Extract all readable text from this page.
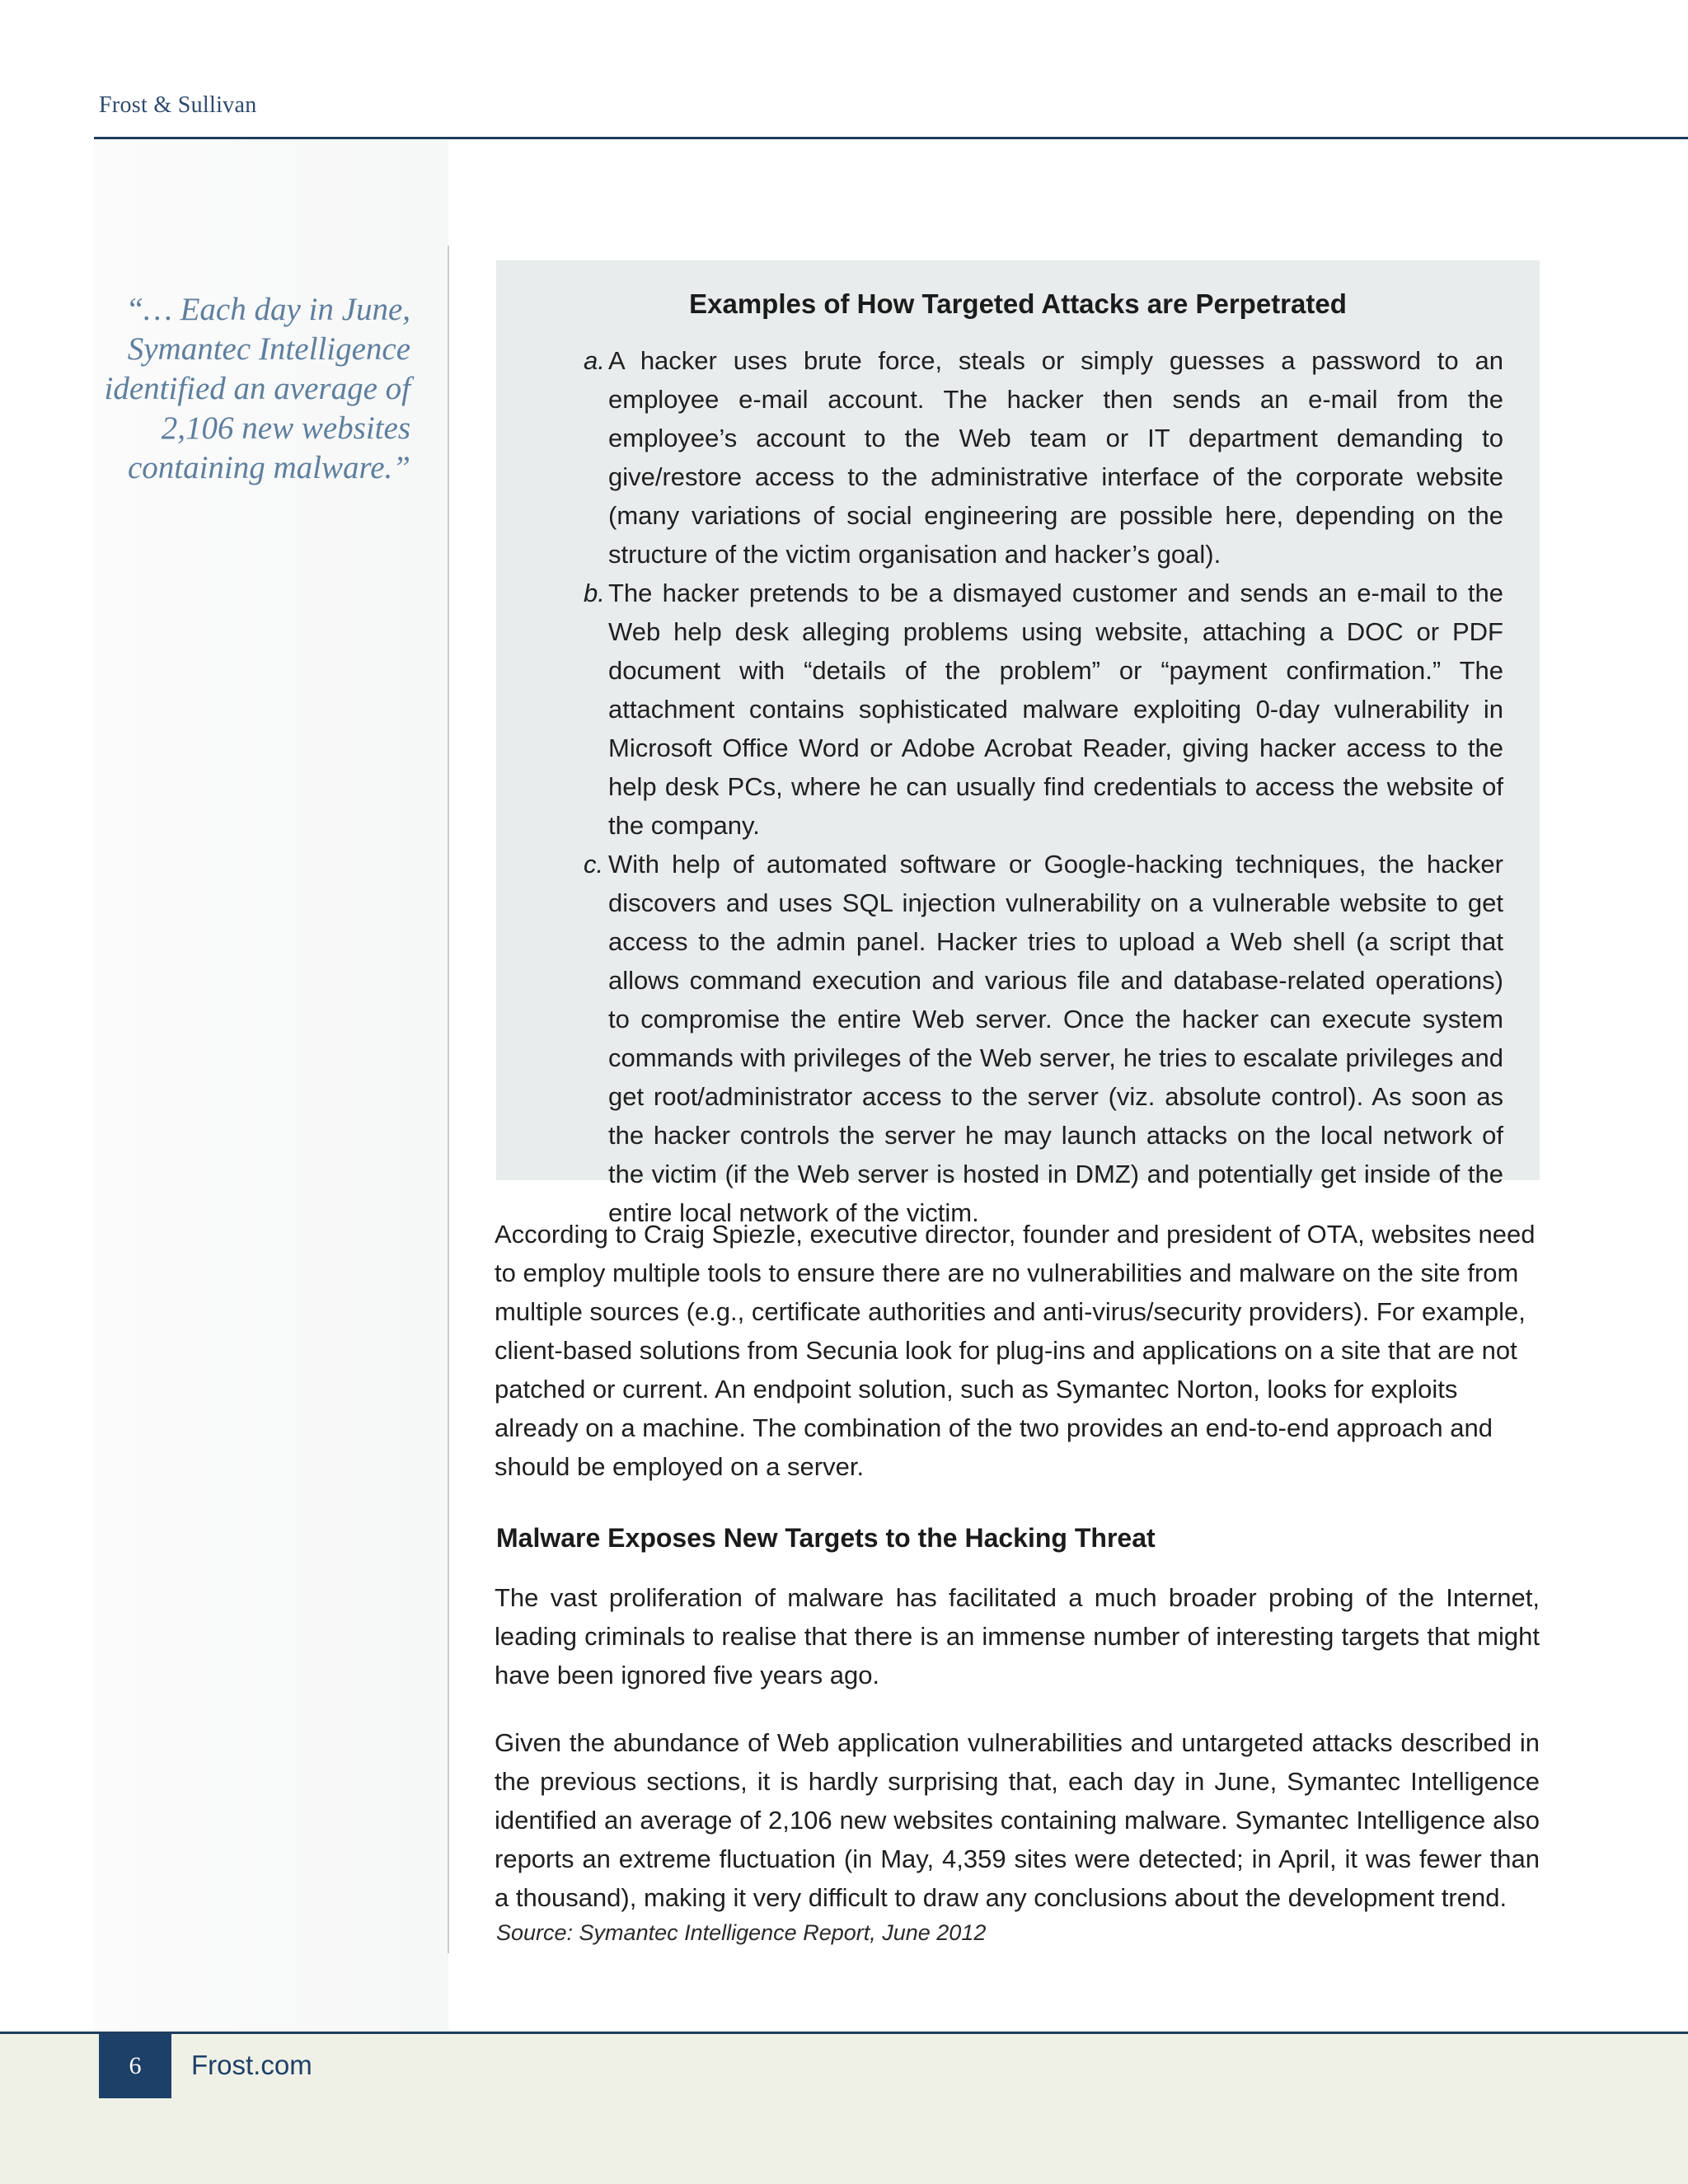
Frost & Sullivan
“… Each day in June, Symantec Intelligence identified an average of 2,106 new websites containing malware.”
Examples of How Targeted Attacks are Perpetrated
a. A hacker uses brute force, steals or simply guesses a password to an employee e-mail account. The hacker then sends an e-mail from the employee’s account to the Web team or IT department demanding to give/restore access to the administrative interface of the corporate website (many variations of social engineering are possible here, depending on the structure of the victim organisation and hacker’s goal).
b. The hacker pretends to be a dismayed customer and sends an e-mail to the Web help desk alleging problems using website, attaching a DOC or PDF document with “details of the problem” or “payment confirmation.” The attachment contains sophisticated malware exploiting 0-day vulnerability in Microsoft Office Word or Adobe Acrobat Reader, giving hacker access to the help desk PCs, where he can usually find credentials to access the website of the company.
c. With help of automated software or Google-hacking techniques, the hacker discovers and uses SQL injection vulnerability on a vulnerable website to get access to the admin panel. Hacker tries to upload a Web shell (a script that allows command execution and various file and database-related operations) to compromise the entire Web server. Once the hacker can execute system commands with privileges of the Web server, he tries to escalate privileges and get root/administrator access to the server (viz. absolute control). As soon as the hacker controls the server he may launch attacks on the local network of the victim (if the Web server is hosted in DMZ) and potentially get inside of the entire local network of the victim.

According to Craig Spiezle, executive director, founder and president of OTA, websites need to employ multiple tools to ensure there are no vulnerabilities and malware on the site from multiple sources (e.g., certificate authorities and anti-virus/security providers). For example, client-based solutions from Secunia look for plug-ins and applications on a site that are not patched or current. An endpoint solution, such as Symantec Norton, looks for exploits already on a machine. The combination of the two provides an end-to-end approach and should be employed on a server.

Malware Exposes New Targets to the Hacking Threat

The vast proliferation of malware has facilitated a much broader probing of the Internet, leading criminals to realise that there is an immense number of interesting targets that might have been ignored five years ago.

Given the abundance of Web application vulnerabilities and untargeted attacks described in the previous sections, it is hardly surprising that, each day in June, Symantec Intelligence identified an average of 2,106 new websites containing malware. Symantec Intelligence also reports an extreme fluctuation (in May, 4,359 sites were detected; in April, it was fewer than a thousand), making it very difficult to draw any conclusions about the development trend.

Source: Symantec Intelligence Report, June 2012
6	Frost.com
